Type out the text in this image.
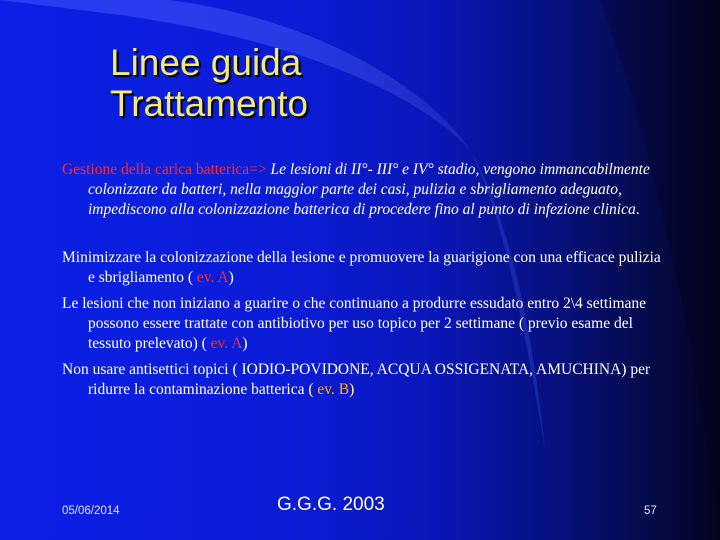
Linee guida
Trattamento

Gestione della carica batterica=> Le lesioni di II°- III° e IV° stadio, vengono immancabilmente colonizzate da batteri, nella maggior parte dei casi, pulizia e sbrigliamento adeguato, impediscono alla colonizzazione batterica di procedere fino al punto di infezione clinica.

Minimizzare la colonizzazione della lesione e promuovere la guarigione con una efficace pulizia e sbrigliamento ( ev. A)

Le lesioni che non iniziano a guarire o che continuano a produrre essudato entro 2\4 settimane possono essere trattate con antibiotivo per uso topico per 2 settimane ( previo esame del tessuto prelevato) ( ev. A)

Non usare antisettici topici ( IODIO-POVIDONE, ACQUA OSSIGENATA, AMUCHINA) per ridurre la contaminazione batterica ( ev. B)

05/06/2014	G.G.G. 2003	57
